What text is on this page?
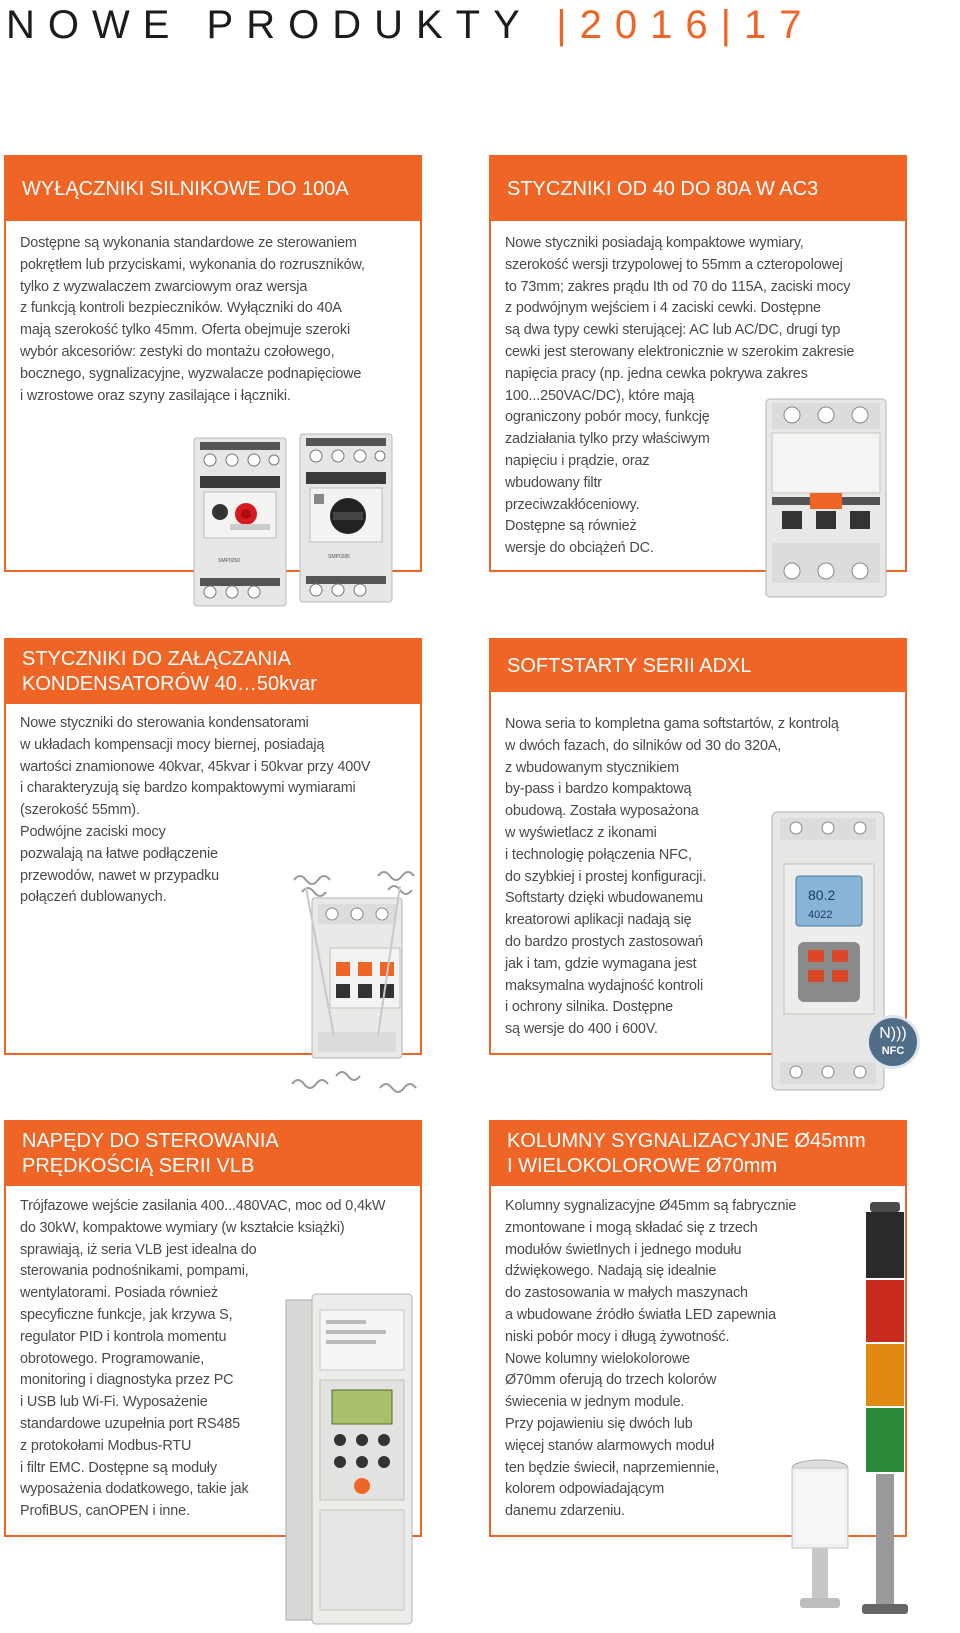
NOWE PRODUKTY |2016|17
WYŁĄCZNIKI SILNIKOWE DO 100A
Dostępne są wykonania standardowe ze sterowaniem
pokrętłem lub przyciskami, wykonania do rozruszników,
tylko z wyzwalaczem zwarciowym oraz wersja
z funkcją kontroli bezpieczników. Wyłączniki do 40A
mają szerokość tylko 45mm. Oferta obejmuje szeroki
wybór akcesoriów: zestyki do montażu czołowego,
bocznego, sygnalizacyjne, wyzwalacze podnapięciowe
i wzrostowe oraz szyny zasilające i łączniki.
SMP0250
SMP0285
STYCZNIKI OD 40 DO 80A W AC3
Nowe styczniki posiadają kompaktowe wymiary,
szerokość wersji trzypolowej to 55mm a czteropolowej
to 73mm; zakres prądu Ith od 70 do 115A, zaciski mocy
z podwójnym wejściem i 4 zaciski cewki. Dostępne
są dwa typy cewki sterującej: AC lub AC/DC, drugi typ
cewki jest sterowany elektronicznie w szerokim zakresie
napięcia pracy (np. jedna cewka pokrywa zakres
100...250VAC/DC), które mają
ograniczony pobór mocy, funkcję
zadziałania tylko przy właściwym
napięciu i prądzie, oraz
wbudowany filtr
przeciwzakłóceniowy.
Dostępne są również
wersje do obciążeń DC.
STYCZNIKI DO ZAŁĄCZANIA
KONDENSATORÓW 40…50kvar
Nowe styczniki do sterowania kondensatorami
w układach kompensacji mocy biernej, posiadają
wartości znamionowe 40kvar, 45kvar i 50kvar przy 400V
i charakteryzują się bardzo kompaktowymi wymiarami
(szerokość 55mm).
Podwójne zaciski mocy
pozwalają na łatwe podłączenie
przewodów, nawet w przypadku
połączeń dublowanych.
SOFTSTARTY SERII ADXL
Nowa seria to kompletna gama softstartów, z kontrolą
w dwóch fazach, do silników od 30 do 320A,
z wbudowanym stycznikiem
by-pass i bardzo kompaktową
obudową. Została wyposażona
w wyświetlacz z ikonami
i technologię połączenia NFC,
do szybkiej i prostej konfiguracji.
Softstarty dzięki wbudowanemu
kreatorowi aplikacji nadają się
do bardzo prostych zastosowań
jak i tam, gdzie wymagana jest
maksymalna wydajność kontroli
i ochrony silnika. Dostępne
są wersje do 400 i 600V.
80.2
4022
N)))
NFC
NAPĘDY DO STEROWANIA
PRĘDKOŚCIĄ SERII VLB
Trójfazowe wejście zasilania 400...480VAC, moc od 0,4kW
do 30kW, kompaktowe wymiary (w kształcie książki)
sprawiają, iż seria VLB jest idealna do
sterowania podnośnikami, pompami,
wentylatorami. Posiada również
specyficzne funkcje, jak krzywa S,
regulator PID i kontrola momentu
obrotowego. Programowanie,
monitoring i diagnostyka przez PC
i USB lub Wi-Fi. Wyposażenie
standardowe uzupełnia port RS485
z protokołami Modbus-RTU
i filtr EMC. Dostępne są moduły
wyposażenia dodatkowego, takie jak
ProfiBUS, canOPEN i inne.
KOLUMNY SYGNALIZACYJNE Ø45mm
I WIELOKOLOROWE Ø70mm
Kolumny sygnalizacyjne Ø45mm są fabrycznie
zmontowane i mogą składać się z trzech
modułów świetlnych i jednego modułu
dźwiękowego. Nadają się idealnie
do zastosowania w małych maszynach
a wbudowane źródło światła LED zapewnia
niski pobór mocy i długą żywotność.
Nowe kolumny wielokolorowe
Ø70mm oferują do trzech kolorów
świecenia w jednym module.
Przy pojawieniu się dwóch lub
więcej stanów alarmowych moduł
ten będzie świecił, naprzemiennie,
kolorem odpowiadającym
danemu zdarzeniu.
